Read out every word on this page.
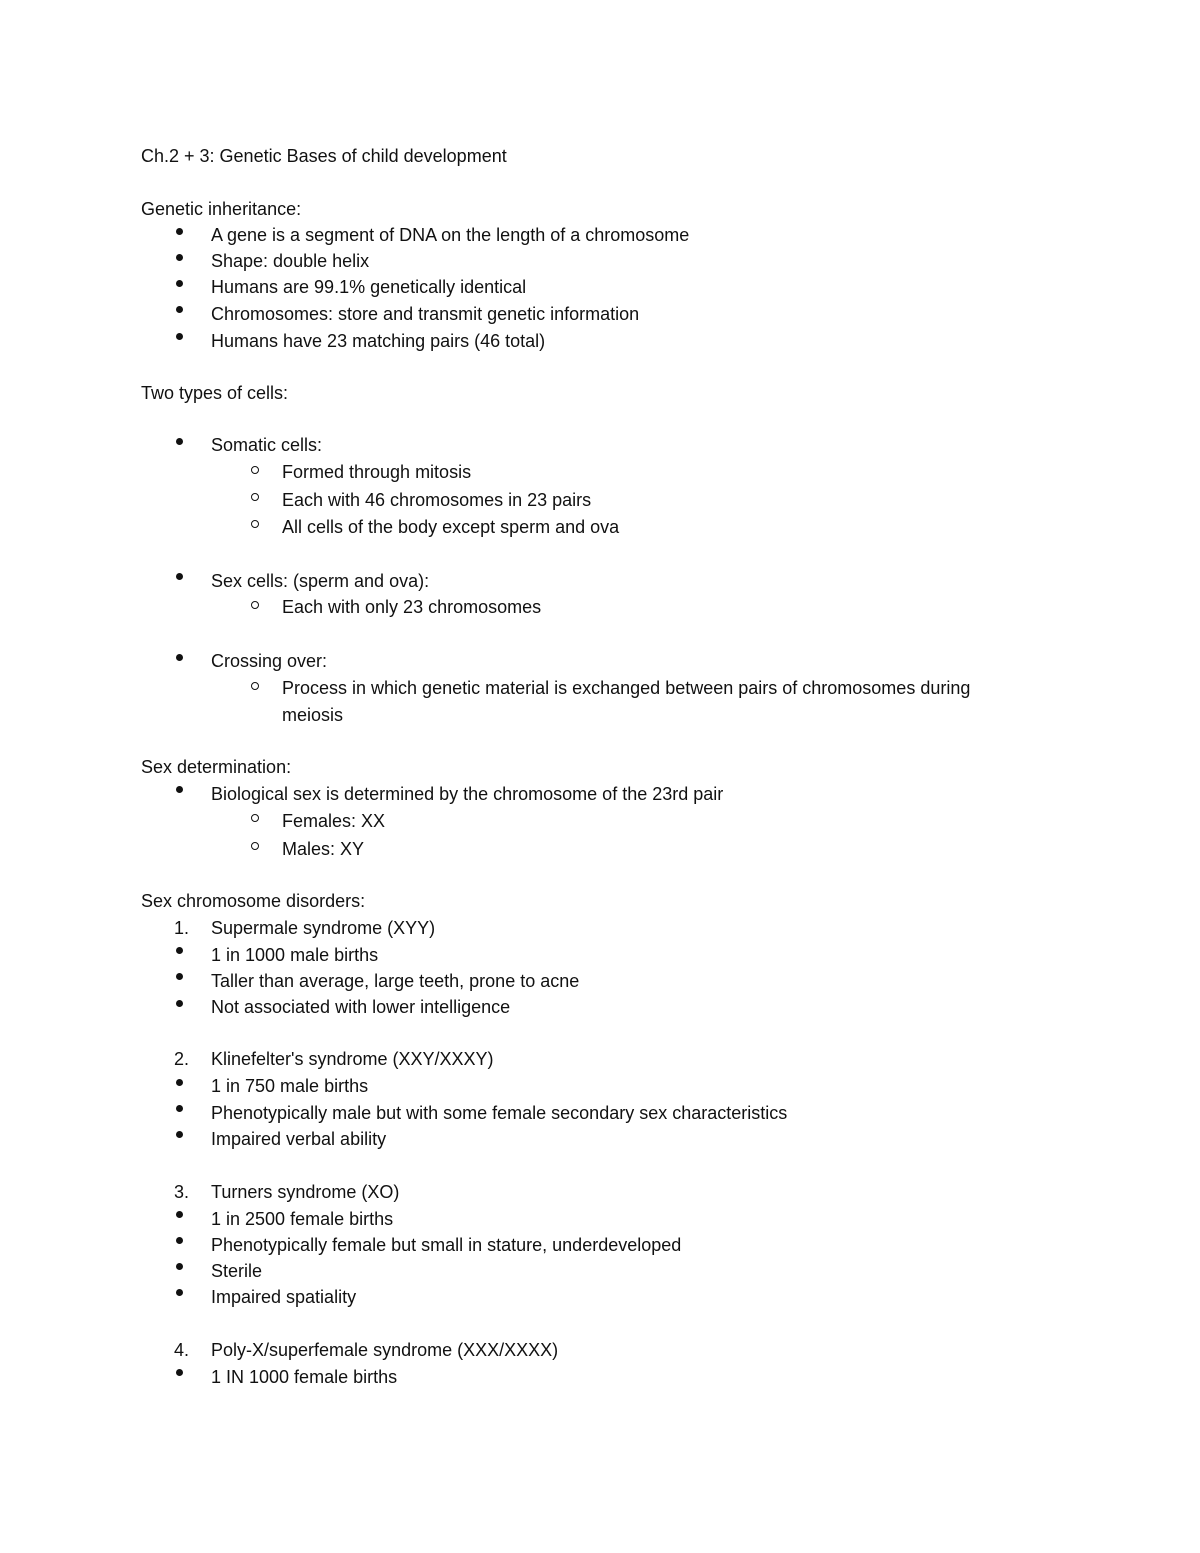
Ch.2 + 3: Genetic Bases of child development
Genetic inheritance:
A gene is a segment of DNA on the length of a chromosome
Shape: double helix
Humans are 99.1% genetically identical
Chromosomes: store and transmit genetic information
Humans have 23 matching pairs (46 total)
Two types of cells:
Somatic cells:
Formed through mitosis
Each with 46 chromosomes in 23 pairs
All cells of the body except sperm and ova
Sex cells: (sperm and ova):
Each with only 23 chromosomes
Crossing over:
Process in which genetic material is exchanged between pairs of chromosomes during
meiosis
Sex determination:
Biological sex is determined by the chromosome of the 23rd pair
Females: XX
Males: XY
Sex chromosome disorders:
1. Supermale syndrome (XYY)
1 in 1000 male births
Taller than average, large teeth, prone to acne
Not associated with lower intelligence
2. Klinefelter's syndrome (XXY/XXXY)
1 in 750 male births
Phenotypically male but with some female secondary sex characteristics
Impaired verbal ability
3. Turners syndrome (XO)
1 in 2500 female births
Phenotypically female but small in stature, underdeveloped
Sterile
Impaired spatiality
4. Poly-X/superfemale syndrome (XXX/XXXX)
1 IN 1000 female births
